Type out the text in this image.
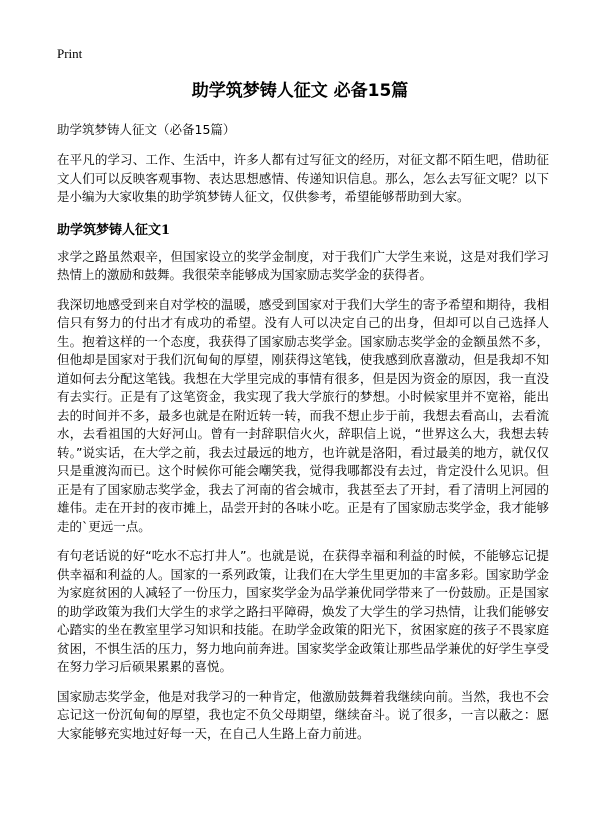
Print
助学筑梦铸人征文 必备15篇

助学筑梦铸人征文（必备15篇）

在平凡的学习、工作、生活中，许多人都有过写征文的经历，对征文都不陌生吧，借助征文人们可以反映客观事物、表达思想感情、传递知识信息。那么，怎么去写征文呢？以下是小编为大家收集的助学筑梦铸人征文，仅供参考，希望能够帮助到大家。

助学筑梦铸人征文1

求学之路虽然艰辛，但国家设立的奖学金制度，对于我们广大学生来说，这是对我们学习热情上的激励和鼓舞。我很荣幸能够成为国家励志奖学金的获得者。

我深切地感受到来自对学校的温暖，感受到国家对于我们大学生的寄予希望和期待，我相信只有努力的付出才有成功的希望。没有人可以决定自己的出身，但却可以自己选择人生。抱着这样的一个态度，我获得了国家励志奖学金。国家励志奖学金的金额虽然不多，但他却是国家对于我们沉甸甸的厚望，刚获得这笔钱，使我感到欣喜激动，但是我却不知道如何去分配这笔钱。我想在大学里完成的事情有很多，但是因为资金的原因，我一直没有去实行。正是有了这笔资金，我实现了我大学旅行的梦想。小时候家里并不宽裕，能出去的时间并不多，最多也就是在附近转一转，而我不想止步于前，我想去看高山，去看流水，去看祖国的大好河山。曾有一封辞职信火火，辞职信上说，“世界这么大，我想去转转。”说实话，在大学之前，我去过最远的地方，也许就是洛阳，看过最美的地方，就仅仅只是重渡沟而已。这个时候你可能会嘲笑我，觉得我哪都没有去过，肯定没什么见识。但正是有了国家励志奖学金，我去了河南的省会城市，我甚至去了开封，看了清明上河园的雄伟。走在开封的夜市摊上，品尝开封的各味小吃。正是有了国家励志奖学金，我才能够走的`更远一点。

有句老话说的好“吃水不忘打井人”。也就是说，在获得幸福和利益的时候，不能够忘记提供幸福和利益的人。国家的一系列政策，让我们在大学生里更加的丰富多彩。国家助学金为家庭贫困的人减轻了一份压力，国家奖学金为品学兼优同学带来了一份鼓励。正是国家的助学政策为我们大学生的求学之路扫平障碍，焕发了大学生的学习热情，让我们能够安心踏实的坐在教室里学习知识和技能。在助学金政策的阳光下，贫困家庭的孩子不畏家庭贫困，不惧生活的压力，努力地向前奔进。国家奖学金政策让那些品学兼优的好学生享受在努力学习后硕果累累的喜悦。

国家励志奖学金，他是对我学习的一种肯定，他激励鼓舞着我继续向前。当然，我也不会忘记这一份沉甸甸的厚望，我也定不负父母期望，继续奋斗。说了很多，一言以蔽之：愿大家能够充实地过好每一天，在自己人生路上奋力前进。
